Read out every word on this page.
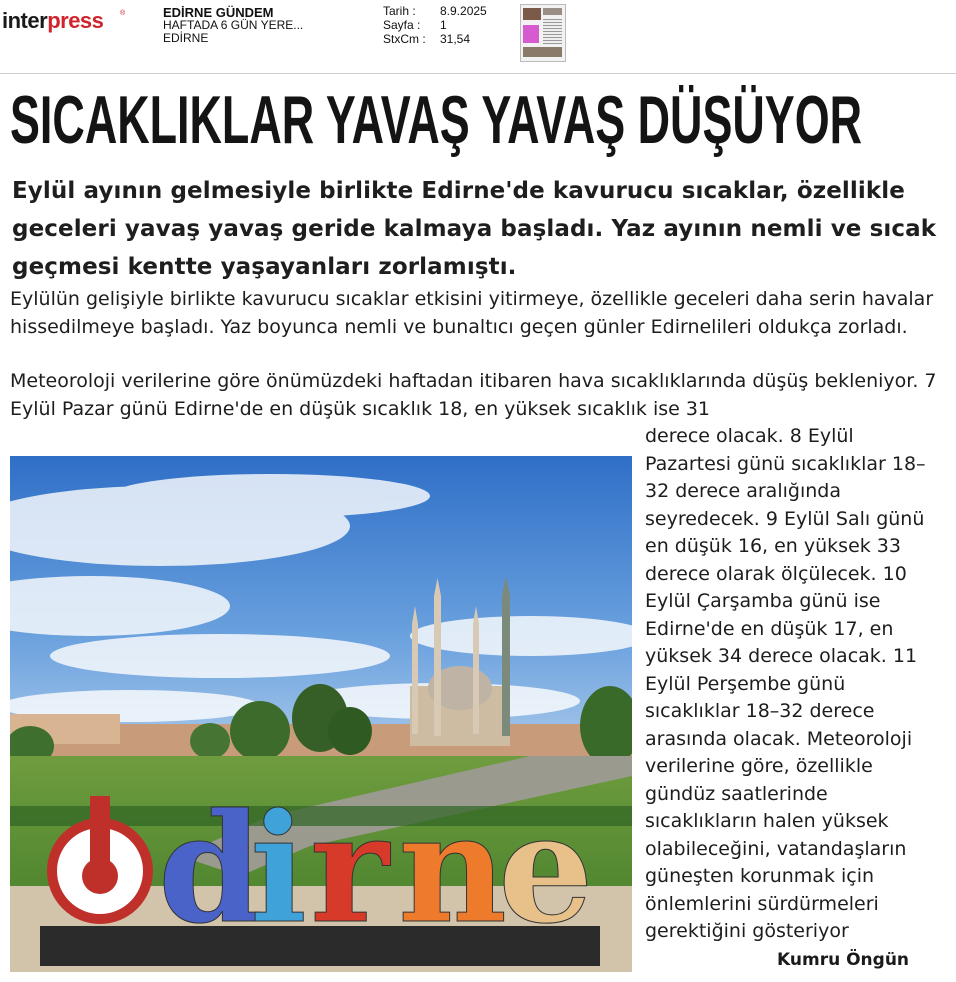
interpress ®	EDİRNE GÜNDEM
HAFTADA 6 GÜN YERE...
EDİRNE
Tarih :	8.9.2025
Sayfa :	1
StxCm :	31,54
SICAKLIKLAR YAVAŞ YAVAŞ DÜŞÜYOR

Eylül ayının gelmesiyle birlikte Edirne'de kavurucu sıcaklar, özellikle geceleri yavaş yavaş geride kalmaya başladı. Yaz ayının nemli ve sıcak geçmesi kentte yaşayanları zorlamıştı.

Eylülün gelişiyle birlikte kavurucu sıcaklar etkisini yitirmeye, özellikle geceleri daha serin havalar hissedilmeye başladı. Yaz boyunca nemli ve bunaltıcı geçen günler Edirnelileri oldukça zorladı.

Meteoroloji verilerine göre önümüzdeki haftadan itibaren hava sıcaklıklarında düşüş bekleniyor. 7 Eylül Pazar günü Edirne'de en düşük sıcaklık 18, en yüksek sıcaklık ise 31

derece olacak. 8 Eylül Pazartesi günü sıcaklıklar 18–32 derece aralığında seyredecek. 9 Eylül Salı günü en düşük 16, en yüksek 33 derece olarak ölçülecek. 10 Eylül Çarşamba günü ise Edirne'de en düşük 17, en yüksek 34 derece olacak. 11 Eylül Perşembe günü sıcaklıklar 18–32 derece arasında olacak. Meteoroloji verilerine göre, özellikle gündüz saatlerinde sıcaklıkların halen yüksek olabileceğini, vatandaşların güneşten korunmak için önlemlerini sürdürmeleri gerektiğini gösteriyor

Kumru Öngün
d
i r n
e
